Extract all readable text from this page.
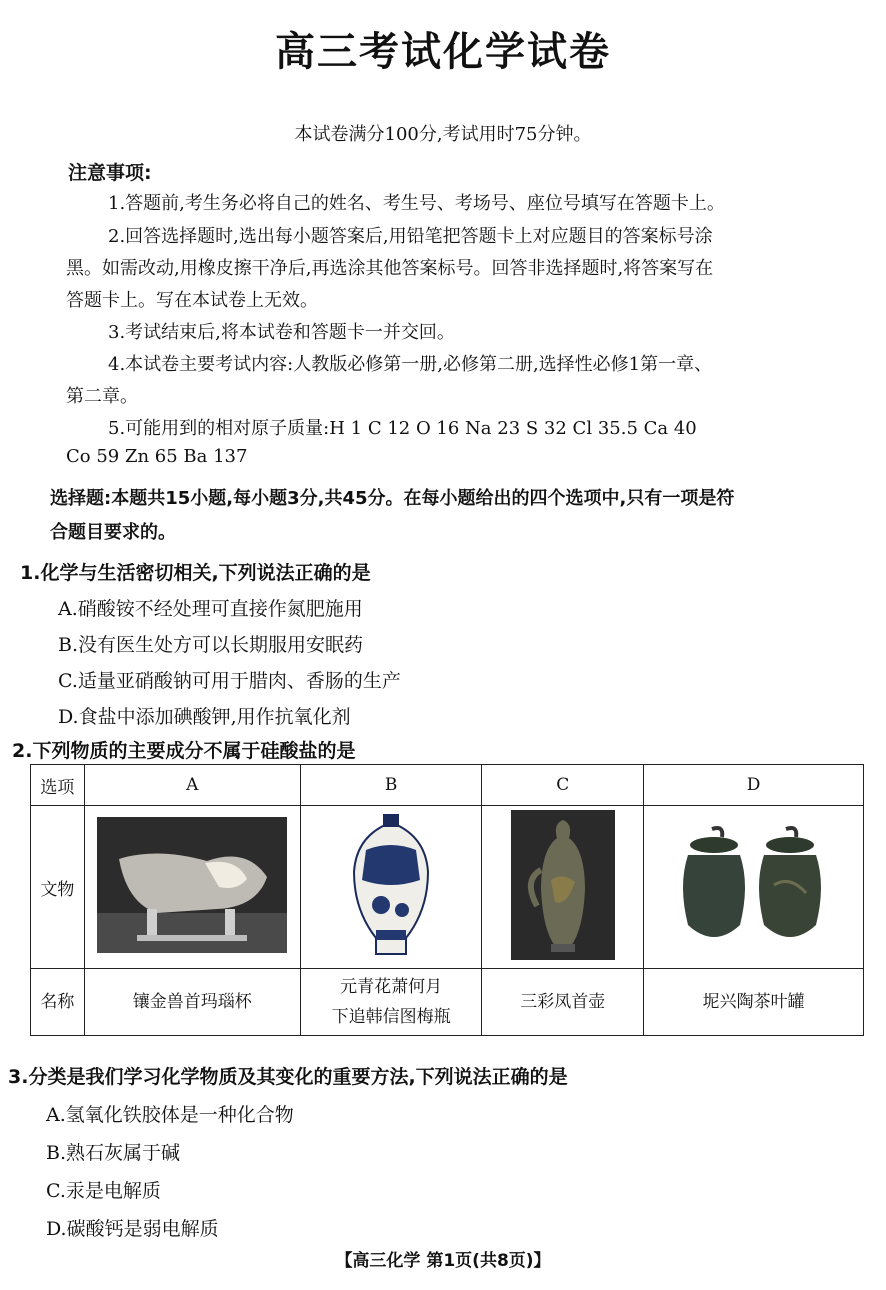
高三考试化学试卷
本试卷满分100分,考试用时75分钟。
注意事项:
1.答题前,考生务必将自己的姓名、考生号、考场号、座位号填写在答题卡上。
2.回答选择题时,选出每小题答案后,用铅笔把答题卡上对应题目的答案标号涂
黑。如需改动,用橡皮擦干净后,再选涂其他答案标号。回答非选择题时,将答案写在
答题卡上。写在本试卷上无效。
3.考试结束后,将本试卷和答题卡一并交回。
4.本试卷主要考试内容:人教版必修第一册,必修第二册,选择性必修1第一章、
第二章。
5.可能用到的相对原子质量:H 1 C 12 O 16 Na 23 S 32 Cl 35.5 Ca 40
Co 59 Zn 65 Ba 137
选择题:本题共15小题,每小题3分,共45分。在每小题给出的四个选项中,只有一项是符
合题目要求的。
1.化学与生活密切相关,下列说法正确的是
A.硝酸铵不经处理可直接作氮肥施用
B.没有医生处方可以长期服用安眠药
C.适量亚硝酸钠可用于腊肉、香肠的生产
D.食盐中添加碘酸钾,用作抗氧化剂
2.下列物质的主要成分不属于硅酸盐的是
选项	A	B	C	D
文物				
名称	镶金兽首玛瑙杯	元青花萧何月
下追韩信图梅瓶	三彩凤首壶	坭兴陶茶叶罐
3.分类是我们学习化学物质及其变化的重要方法,下列说法正确的是
A.氢氧化铁胶体是一种化合物
B.熟石灰属于碱
C.汞是电解质
D.碳酸钙是弱电解质
【高三化学 第1页(共8页)】
